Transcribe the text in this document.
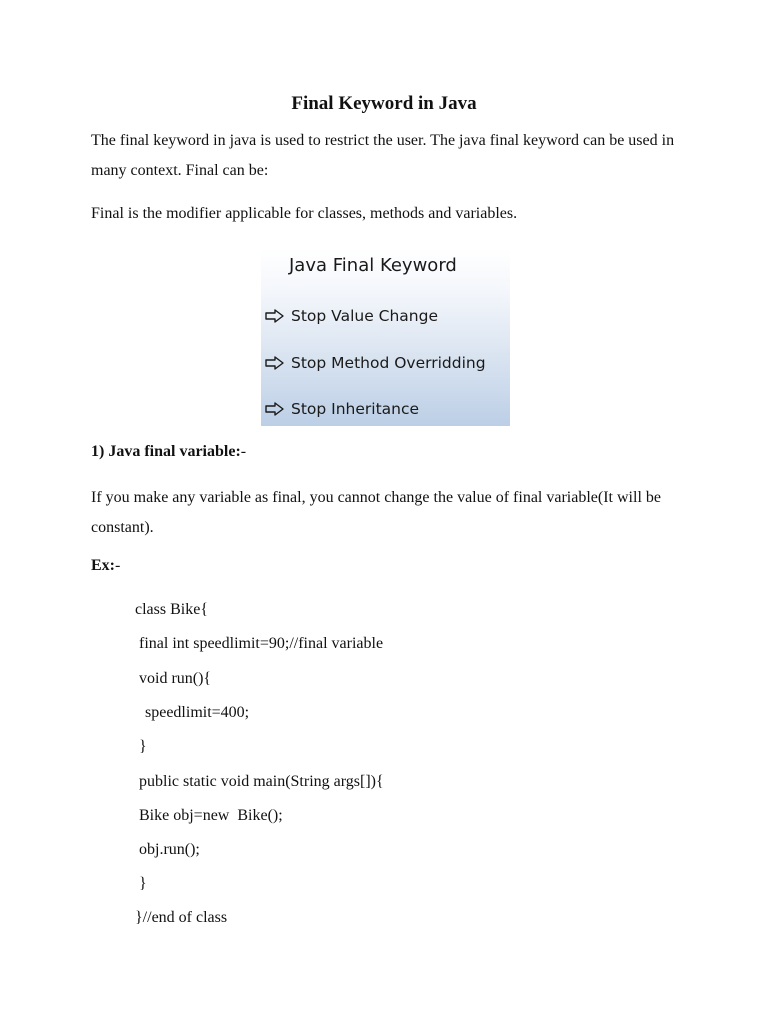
Final Keyword in Java

The final keyword in java is used to restrict the user. The java final keyword can be used in many context. Final can be:

Final is the modifier applicable for classes, methods and variables.

Java Final Keyword

Stop Value Change
Stop Method Overridding
Stop Inheritance

1) Java final variable:-

If you make any variable as final, you cannot change the value of final variable(It will be constant).

Ex:-

class Bike{

final int speedlimit=90;//final variable

void run(){

speedlimit=400;

}

public static void main(String args[]){

Bike obj=new  Bike();

obj.run();

}

}//end of class
